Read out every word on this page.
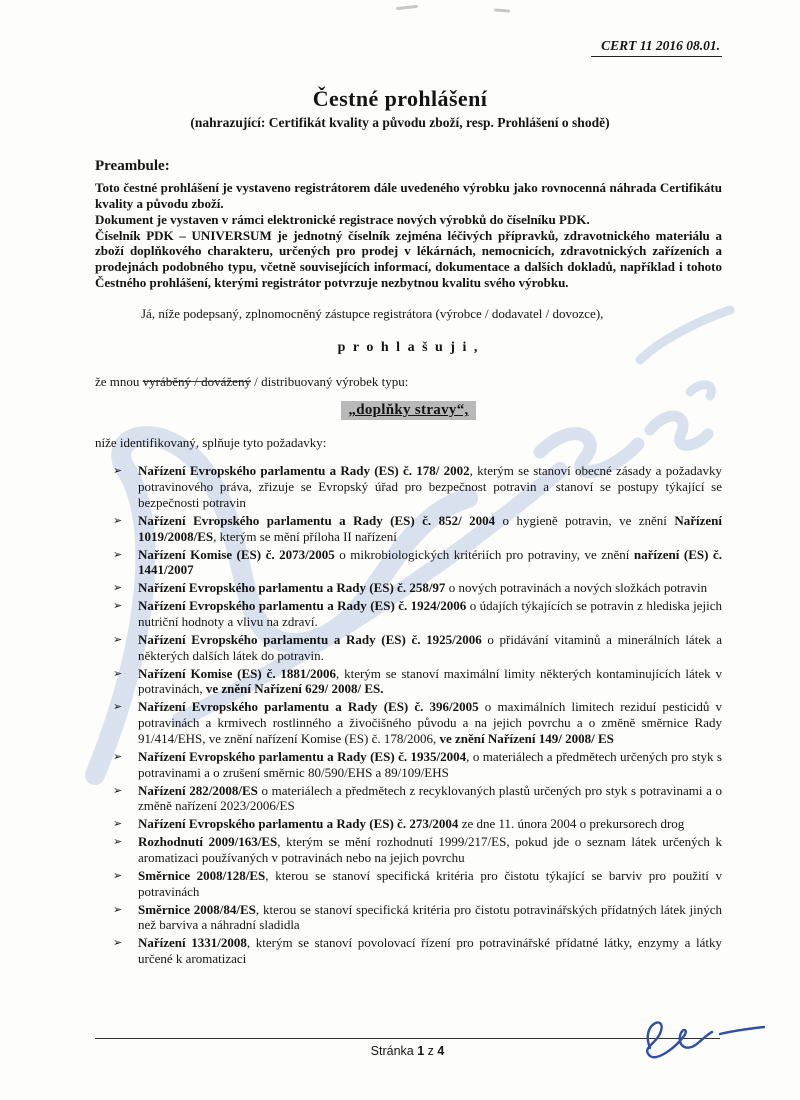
CERT 11 2016 08.01.
Čestné prohlášení
(nahrazující: Certifikát kvality a původu zboží, resp. Prohlášení o shodě)

Preambule:

Toto čestné prohlášení je vystaveno registrátorem dále uvedeného výrobku jako rovnocenná náhrada Certifikátu kvality a původu zboží.

Dokument je vystaven v rámci elektronické registrace nových výrobků do číselníku PDK.

Číselník PDK – UNIVERSUM je jednotný číselník zejména léčivých přípravků, zdravotnického materiálu a zboží doplňkového charakteru, určených pro prodej v lékárnách, nemocnicích, zdravotnických zařízeních a prodejnách podobného typu, včetně souvisejících informací, dokumentace a dalších dokladů, například i tohoto Čestného prohlášení, kterými registrátor potvrzuje nezbytnou kvalitu svého výrobku.

Já, níže podepsaný, zplnomocněný zástupce registrátora (výrobce / dodavatel / dovozce),

p r o h l a š u j i ,

že mnou vyráběný / dovážený / distribuovaný výrobek typu:

„doplňky stravy“,

níže identifikovaný, splňuje tyto požadavky:

➢	Nařízení Evropského parlamentu a Rady (ES) č. 178/ 2002, kterým se stanoví obecné zásady a požadavky potravinového práva, zřizuje se Evropský úřad pro bezpečnost potravin a stanoví se postupy týkající se bezpečnosti potravin
➢	Nařízení Evropského parlamentu a Rady (ES) č. 852/ 2004 o hygieně potravin, ve znění Nařízení 1019/2008/ES, kterým se mění příloha II nařízení
➢	Nařízení Komise (ES) č. 2073/2005 o mikrobiologických kritériích pro potraviny, ve znění nařízení (ES) č. 1441/2007
➢	Nařízení Evropského parlamentu a Rady (ES) č. 258/97 o nových potravinách a nových složkách potravin
➢	Nařízení Evropského parlamentu a Rady (ES) č. 1924/2006 o údajích týkajících se potravin z hlediska jejich nutriční hodnoty a vlivu na zdraví.
➢	Nařízení Evropského parlamentu a Rady (ES) č. 1925/2006 o přidávání vitaminů a minerálních látek a některých dalších látek do potravin.
➢	Nařízení Komise (ES) č. 1881/2006, kterým se stanoví maximální limity některých kontaminujících látek v potravinách, ve znění Nařízení 629/ 2008/ ES.
➢	Nařízení Evropského parlamentu a Rady (ES) č. 396/2005 o maximálních limitech reziduí pesticidů v potravinách a krmivech rostlinného a živočišného původu a na jejich povrchu a o změně směrnice Rady 91/414/EHS, ve znění nařízení Komise (ES) č. 178/2006, ve znění Nařízení 149/ 2008/ ES
➢	Nařízení Evropského parlamentu a Rady (ES) č. 1935/2004, o materiálech a předmětech určených pro styk s potravinami a o zrušení směrnic 80/590/EHS a 89/109/EHS
➢	Nařízení 282/2008/ES o materiálech a předmětech z recyklovaných plastů určených pro styk s potravinami a o změně nařízení 2023/2006/ES
➢	Nařízení Evropského parlamentu a Rady (ES) č. 273/2004 ze dne 11. února 2004 o prekursorech drog
➢	Rozhodnutí 2009/163/ES, kterým se mění rozhodnutí 1999/217/ES, pokud jde o seznam látek určených k aromatizaci používaných v potravinách nebo na jejich povrchu
➢	Směrnice 2008/128/ES, kterou se stanoví specifická kritéria pro čistotu týkající se barviv pro použití v potravinách
➢	Směrnice 2008/84/ES, kterou se stanoví specifická kritéria pro čistotu potravinářských přídatných látek jiných než barviva a náhradní sladidla
➢	Nařízení 1331/2008, kterým se stanoví povolovací řízení pro potravinářské přídatné látky, enzymy a látky určené k aromatizaci
Stránka 1 z 4
